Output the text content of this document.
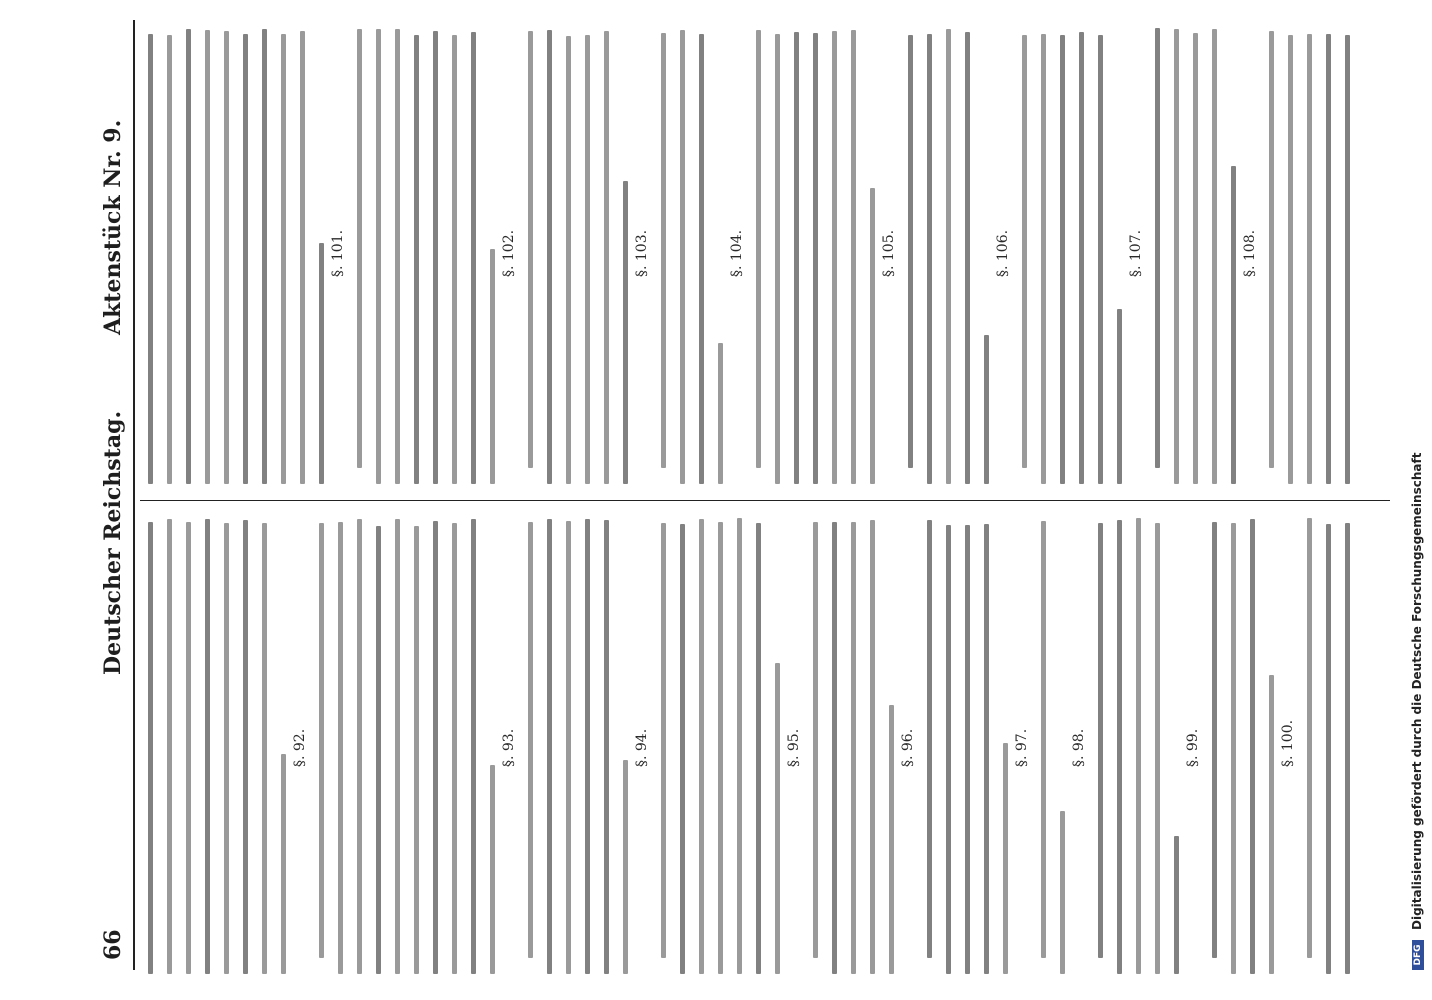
66
Deutscher Reichstag.
Aktenstück Nr. 9.
§. 92.	§. 93.	§. 94.	§. 95.	§. 96.	§. 97.	§. 98.	§. 99.	§. 100.
§. 101.	§. 102.	§. 103.	§. 104.	§. 105.	§. 106.	§. 107.	§. 108.
Digitalisierung gefördert durch die Deutsche Forschungsgemeinschaft
DFG
